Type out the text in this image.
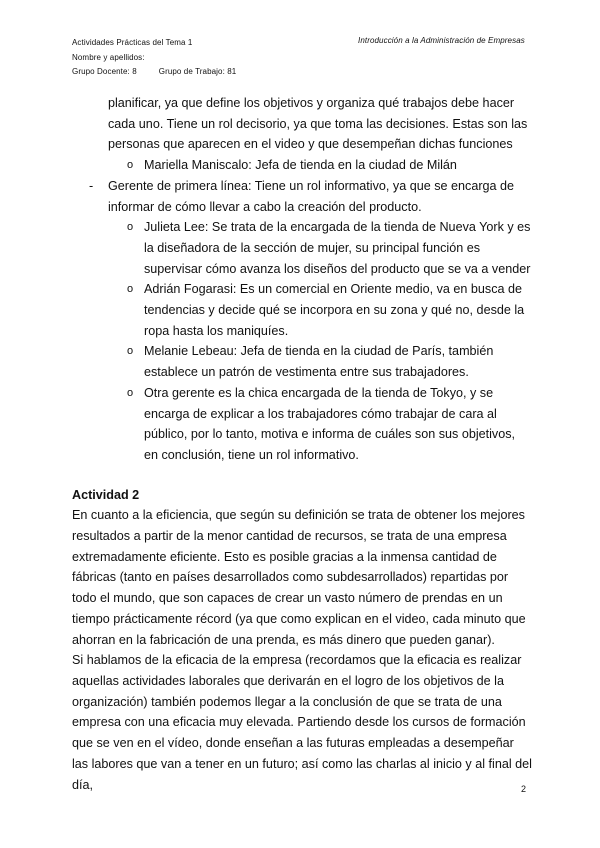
Actividades Prácticas del Tema 1
Nombre y apellidos:
Grupo Docente: 8	Grupo de Trabajo: 81
Introducción a la Administración de Empresas

planificar, ya que define los objetivos y organiza qué trabajos debe hacer cada uno. Tiene un rol decisorio, ya que toma las decisiones. Estas son las personas que aparecen en el video y que desempeñan dichas funciones

o Mariella Maniscalo: Jefa de tienda en la ciudad de Milán
- Gerente de primera línea: Tiene un rol informativo, ya que se encarga de informar de cómo llevar a cabo la creación del producto.
o Julieta Lee: Se trata de la encargada de la tienda de Nueva York y es la diseñadora de la sección de mujer, su principal función es supervisar cómo avanza los diseños del producto que se va a vender
o Adrián Fogarasi: Es un comercial en Oriente medio, va en busca de tendencias y decide qué se incorpora en su zona y qué no, desde la ropa hasta los maniquíes.
o Melanie Lebeau: Jefa de tienda en la ciudad de París, también establece un patrón de vestimenta entre sus trabajadores.
o Otra gerente es la chica encargada de la tienda de Tokyo, y se encarga de explicar a los trabajadores cómo trabajar de cara al público, por lo tanto, motiva e informa de cuáles son sus objetivos, en conclusión, tiene un rol informativo.

Actividad 2

En cuanto a la eficiencia, que según su definición se trata de obtener los mejores resultados a partir de la menor cantidad de recursos, se trata de una empresa extremadamente eficiente. Esto es posible gracias a la inmensa cantidad de fábricas (tanto en países desarrollados como subdesarrollados) repartidas por todo el mundo, que son capaces de crear un vasto número de prendas en un tiempo prácticamente récord (ya que como explican en el video, cada minuto que ahorran en la fabricación de una prenda, es más dinero que pueden ganar).

Si hablamos de la eficacia de la empresa (recordamos que la eficacia es realizar aquellas actividades laborales que derivarán en el logro de los objetivos de la organización) también podemos llegar a la conclusión de que se trata de una empresa con una eficacia muy elevada. Partiendo desde los cursos de formación que se ven en el vídeo, donde enseñan a las futuras empleadas a desempeñar las labores que van a tener en un futuro; así como las charlas al inicio y al final del día,	2
